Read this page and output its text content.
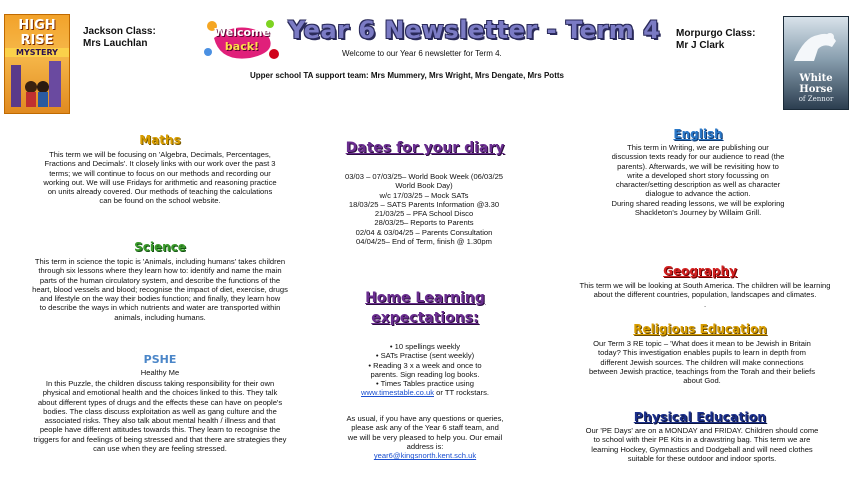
HIGH
RISE
MYSTERY
Jackson Class:
Mrs Lauchlan
Welcome
back!
Year 6 Newsletter - Term 4
Welcome to our Year 6 newsletter for Term 4.
Upper school TA support team: Mrs Mummery, Mrs Wright, Mrs Dengate, Mrs Potts
Morpurgo Class:
Mr J Clark
White Horse
of Zennor
Maths
This term we will be focusing on 'Algebra, Decimals, Percentages,
Fractions and Decimals'. It closely links with our work over the past 3
terms; we will continue to focus on our methods and recording our
working out. We will use Fridays for arithmetic and reasoning practice
on units already covered. Our methods of teaching the calculations
can be found on the school website.
Science
This term in science the topic is 'Animals, including humans' takes children
through six lessons where they learn how to: identify and name the main
parts of the human circulatory system, and describe the functions of the
heart, blood vessels and blood; recognise the impact of diet, exercise, drugs
and lifestyle on the way their bodies function; and finally, they learn how
to describe the ways in which nutrients and water are transported within
animals, including humans.
PSHE
Healthy Me
In this Puzzle, the children discuss taking responsibility for their own
physical and emotional health and the choices linked to this. They talk
about different types of drugs and the effects these can have on people's
bodies. The class discuss exploitation as well as gang culture and the
associated risks. They also talk about mental health / illness and that
people have different attitudes towards this. They learn to recognise the
triggers for and feelings of being stressed and that there are strategies they
can use when they are feeling stressed.
Dates for your diary
03/03 – 07/03/25– World Book Week (06/03/25
World Book Day)
w/c 17/03/25 – Mock SATs
18/03/25 – SATS Parents Information @3.30
21/03/25 – PFA School Disco
28/03/25– Reports to Parents
02/04 & 03/04/25 – Parents Consultation
04/04/25– End of Term, finish @ 1.30pm
Home Learning
expectations:
• 10 spellings weekly
• SATs Practise (sent weekly)
• Reading 3 x a week and once to
parents. Sign reading log books.
• Times Tables practice using
www.timestable.co.uk or TT rockstars.
As usual, if you have any questions or queries,
please ask any of the Year 6 staff team, and
we will be very pleased to help you. Our email
address is:
year6@kingsnorth.kent.sch.uk
English
This term in Writing, we are publishing our
discussion texts ready for our audience to read (the
parents). Afterwards, we will be revisiting how to
write a developed short story focussing on
character/setting description as well as character
dialogue to advance the action.
During shared reading lessons, we will be exploring
Shackleton's Journey by Willaim Grill.
Geography
This term we will be looking at South America. The children will be learning
about the different countries, population, landscapes and climates.
.
Religious Education
Our Term 3 RE topic – 'What does it mean to be Jewish in Britain
today? This investigation enables pupils to learn in depth from
different Jewish sources. The children will make connections
between Jewish practice, teachings from the Torah and their beliefs
about God.
Physical Education
Our 'PE Days' are on a MONDAY and FRIDAY. Children should come
to school with their PE Kits in a drawstring bag. This term we are
learning Hockey, Gymnastics and Dodgeball and will need clothes
suitable for these outdoor and indoor sports.
